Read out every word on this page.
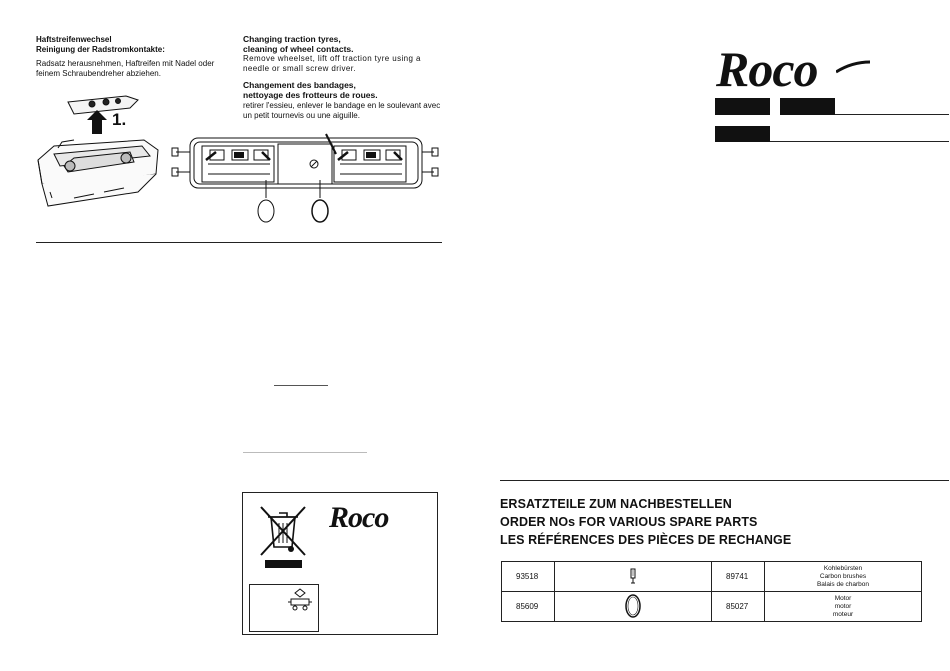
Haftstreifenwechsel
Reinigung der Radstromkontakte:
Radsatz herausnehmen, Haftreifen mit Nadel oder feinem Schraubendreher abziehen.
Changing traction tyres,
cleaning of wheel contacts.
Remove wheelset, lift off traction tyre using a needle or small screw driver.
Changement des bandages,
nettoyage des frotteurs de roues.
retirer l'essieu, enlever le bandage en le soulevant avec un petit tournevis ou une aiguille.
1.
Roco
Roco
ERSATZTEILE ZUM NACHBESTELLEN
ORDER NOs FOR VARIOUS SPARE PARTS
LES RÉFÉRENCES DES PIÈCES DE RECHANGE
93518		89741	Kohlebürsten
Carbon brushes
Balais de charbon

85609		85027	Motor
motor
moteur
